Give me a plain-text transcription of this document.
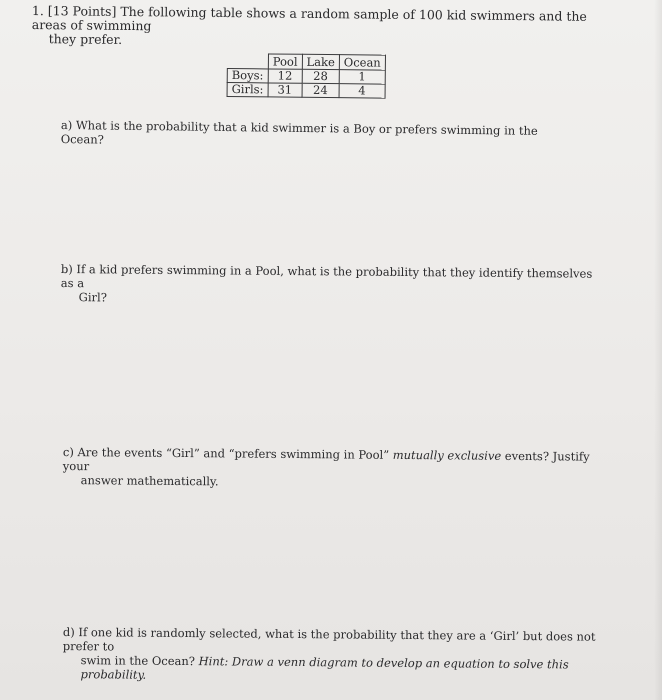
1. [13 Points] The following table shows a random sample of 100 kid swimmers and the areas of swimming
they prefer.
	Pool	Lake	Ocean
Boys:	12	28	1
Girls:	31	24	4
a) What is the probability that a kid swimmer is a Boy or prefers swimming in the Ocean?
b) If a kid prefers swimming in a Pool, what is the probability that they identify themselves as a
Girl?
c) Are the events “Girl” and “prefers swimming in Pool” mutually exclusive events? Justify your
answer mathematically.
d) If one kid is randomly selected, what is the probability that they are a ‘Girl’ but does not prefer to
swim in the Ocean? Hint: Draw a venn diagram to develop an equation to solve this probability.
